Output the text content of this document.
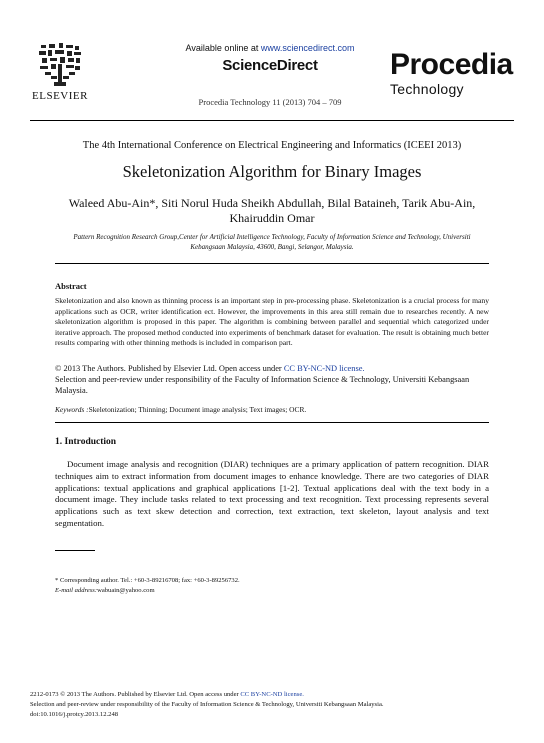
ELSEVIER
Available online at www.sciencedirect.com
ScienceDirect
Procedia Technology 11 (2013) 704 – 709
Procedia
Technology
The 4th International Conference on Electrical Engineering and Informatics (ICEEI 2013)
Skeletonization Algorithm for Binary Images
Waleed Abu-Ain*, Siti Norul Huda Sheikh Abdullah, Bilal Bataineh, Tarik Abu-Ain, Khairuddin Omar
Pattern Recognition Research Group,Center for Artificial Intelligence Technology, Faculty of Information Science and Technology, Universiti Kebangsaan Malaysia, 43600, Bangi, Selangor, Malaysia.
Abstract
Skeletonization and also known as thinning process is an important step in pre-processing phase. Skeletonization is a crucial process for many applications such as OCR, writer identification ect. However, the improvements in this area still remain due to researches recently. A new skeletonization algorithm is proposed in this paper. The algorithm is combining between parallel and sequential which categorized under iterative approach. The proposed method conducted into experiments of benchmark dataset for evaluation. The result is obtaining much better results comparing with other thinning methods is included in comparison part.
© 2013 The Authors. Published by Elsevier Ltd. Open access under CC BY-NC-ND license.
Selection and peer-review under responsibility of the Faculty of Information Science & Technology, Universiti Kebangsaan Malaysia.
Keywords :Skeletonization; Thinning; Document image analysis; Text images; OCR.
1. Introduction

Document image analysis and recognition (DIAR) techniques are a primary application of pattern recognition. DIAR techniques aim to extract information from document images to enhance knowledge. There are two categories of DIAR applications: textual applications and graphical applications [1-2]. Textual applications deal with the text body in a document image. They include tasks related to text processing and text recognition. Text processing represents several applications such as text skew detection and correction, text extraction, text skeleton, layout analysis and text segmentation.

* Corresponding author. Tel.: +60-3-89216708; fax: +60-3-89256732.
E-mail address:wabuain@yahoo.com
2212-0173 © 2013 The Authors. Published by Elsevier Ltd. Open access under CC BY-NC-ND license.
Selection and peer-review under responsibility of the Faculty of Information Science & Technology, Universiti Kebangsaan Malaysia.
doi:10.1016/j.protcy.2013.12.248
